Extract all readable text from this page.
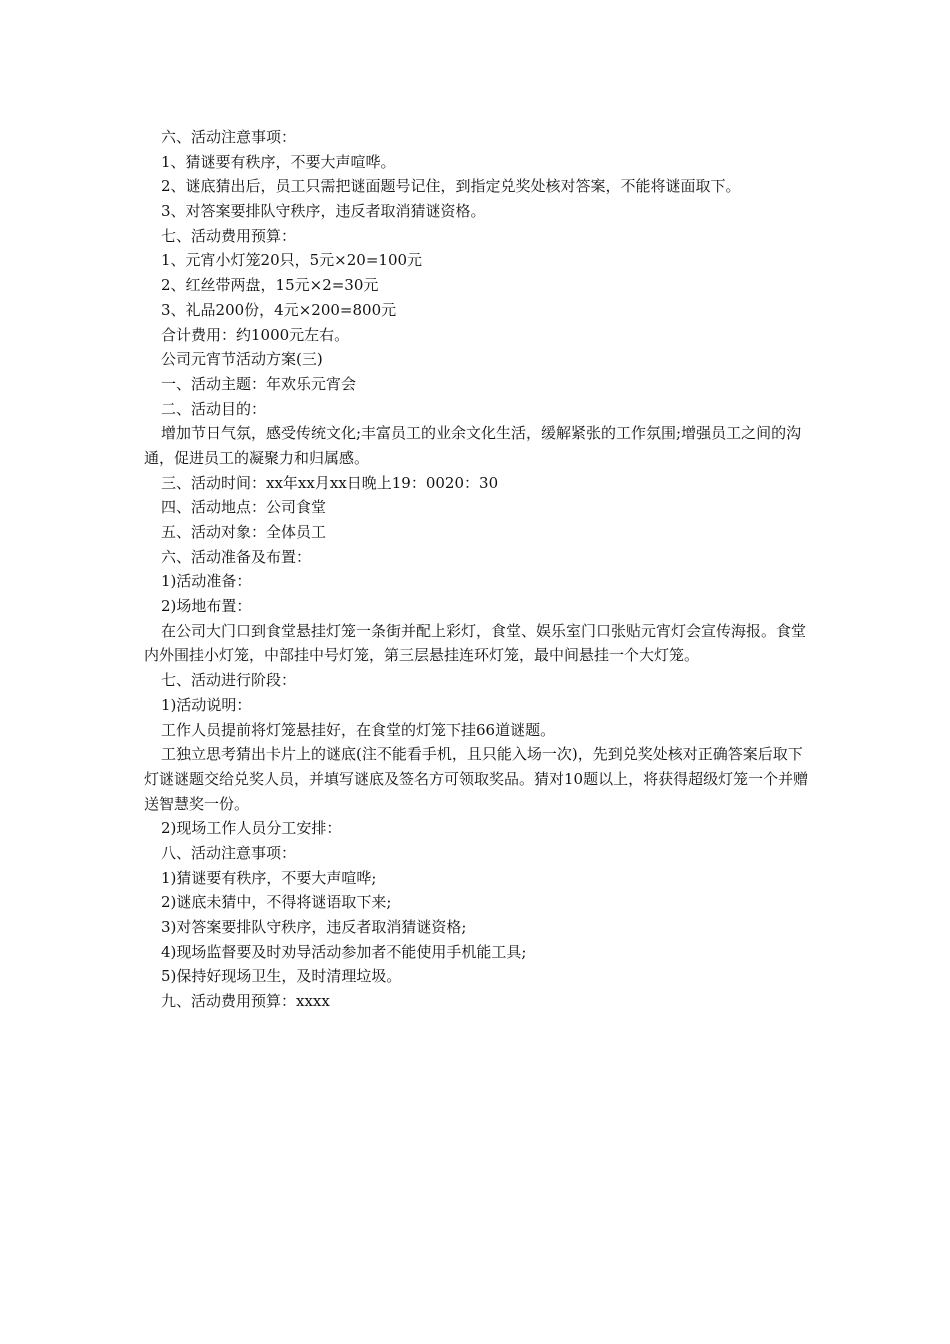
六、活动注意事项：
1、猜谜要有秩序，不要大声喧哗。
2、谜底猜出后，员工只需把谜面题号记住，到指定兑奖处核对答案，不能将谜面取下。
3、对答案要排队守秩序，违反者取消猜谜资格。
七、活动费用预算：
1、元宵小灯笼20只，5元×20=100元
2、红丝带两盘，15元×2=30元
3、礼品200份，4元×200=800元
合计费用：约1000元左右。
公司元宵节活动方案(三)
一、活动主题：年欢乐元宵会
二、活动目的：
增加节日气氛，感受传统文化;丰富员工的业余文化生活，缓解紧张的工作氛围;增强员工之间的沟通，促进员工的凝聚力和归属感。
三、活动时间：xx年xx月xx日晚上19：0020：30
四、活动地点：公司食堂
五、活动对象：全体员工
六、活动准备及布置：
1)活动准备：
2)场地布置：
在公司大门口到食堂悬挂灯笼一条街并配上彩灯，食堂、娱乐室门口张贴元宵灯会宣传海报。食堂内外围挂小灯笼，中部挂中号灯笼，第三层悬挂连环灯笼，最中间悬挂一个大灯笼。
七、活动进行阶段：
1)活动说明：
工作人员提前将灯笼悬挂好，在食堂的灯笼下挂66道谜题。
工独立思考猜出卡片上的谜底(注不能看手机，且只能入场一次)，先到兑奖处核对正确答案后取下灯谜谜题交给兑奖人员，并填写谜底及签名方可领取奖品。猜对10题以上，将获得超级灯笼一个并赠送智慧奖一份。
2)现场工作人员分工安排：
八、活动注意事项：
1)猜谜要有秩序，不要大声喧哗;
2)谜底未猜中，不得将谜语取下来;
3)对答案要排队守秩序，违反者取消猜谜资格;
4)现场监督要及时劝导活动参加者不能使用手机能工具;
5)保持好现场卫生，及时清理垃圾。
九、活动费用预算：xxxx
